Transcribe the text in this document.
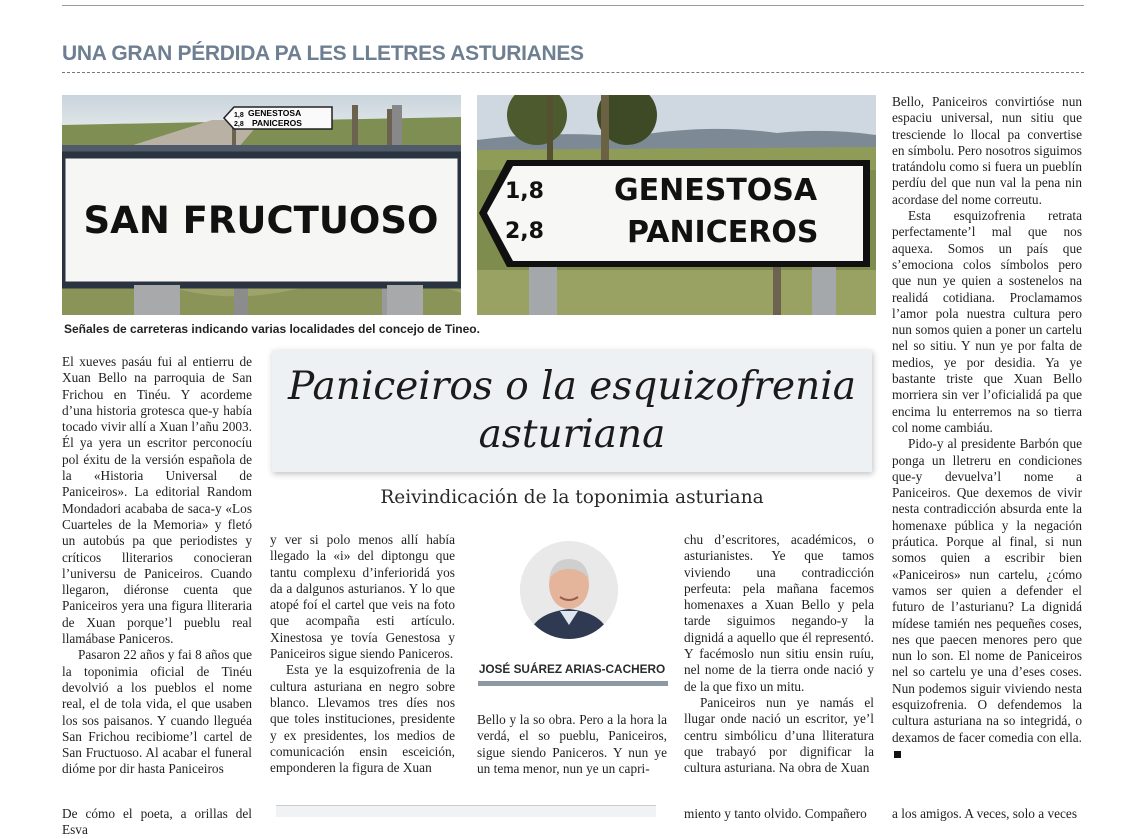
UNA GRAN PÉRDIDA PA LES LLETRES ASTURIANES
1,8
2,8
GENESTOSA
PANICEROS
SAN FRUCTUOSO
1,8
2,8
GENESTOSA
PANICEROS

Señales de carreteras indicando varias localidades del concejo de Tineo.

Paniceiros o la esquizofrenia
asturiana

Reivindicación de la toponimia asturiana

JOSÉ SUÁREZ ARIAS-CACHERO

El xueves pasáu fui al entierru de Xuan Bello na parroquia de San Frichou en Tinéu. Y acordeme d’una historia grotesca que-y había tocado vivir allí a Xuan l’añu 2003. Él ya yera un escritor perconocíu pol éxitu de la versión española de la «Historia Universal de Paniceiros». La editorial Random Mondadori acababa de saca-y «Los Cuarteles de la Memoria» y fletó un autobús pa que periodistes y críticos lliterarios conocieran l’universu de Paniceiros. Cuando llegaron, diéronse cuenta que Paniceiros yera una figura lliteraria de Xuan porque’l pueblu real llamábase Paniceros.

Pasaron 22 años y fai 8 años que la toponimia oficial de Tinéu devolvió a los pueblos el nome real, el de tola vida, el que usaben los sos paisanos. Y cuando lleguéa San Frichou recibiome’l cartel de San Fructuoso. Al acabar el funeral dióme por dir hasta Paniceiros

y ver si polo menos allí había llegado la «i» del diptongu que tantu complexu d’inferioridá yos da a dalgunos asturianos. Y lo que atopé foí el cartel que veis na foto que acompaña esti artículo. Xinestosa ye tovía Genestosa y Paniceiros sigue siendo Paniceros.

Esta ye la esquizofrenia de la cultura asturiana en negro sobre blanco. Llevamos tres díes nos que toles instituciones, presidente y ex presidentes, los medios de comunicación ensin esceición, emponderen la figura de Xuan

Bello y la so obra. Pero a la hora la verdá, el so pueblu, Paniceiros, sigue siendo Paniceros. Y nun ye un tema menor, nun ye un capri-

chu d’escritores, académicos, o asturianistes. Ye que tamos viviendo una contradicción perfeuta: pela mañana facemos homenaxes a Xuan Bello y pela tarde siguimos negando-y la dignidá a aquello que él representó. Y facémoslo nun sitiu ensin ruíu, nel nome de la tierra onde nació y de la que fixo un mitu.

Paniceiros nun ye namás el llugar onde nació un escritor, ye’l centru simbólicu d’una lliteratura que trabayó por dignificar la cultura asturiana. Na obra de Xuan

Bello, Paniceiros convirtióse nun espaciu universal, nun sitiu que tresciende lo llocal pa convertise en símbolu. Pero nosotros siguimos tratándolu como si fuera un pueblín perdíu del que nun val la pena nin acordase del nome correutu.

Esta esquizofrenia retrata perfectamente’l mal que nos aquexa. Somos un país que s’emociona colos símbolos pero que nun ye quien a sostenelos na realidá cotidiana. Proclamamos l’amor pola nuestra cultura pero nun somos quien a poner un cartelu nel so sitiu. Y nun ye por falta de medios, ye por desidia. Ya ye bastante triste que Xuan Bello morriera sin ver l’oficialidá pa que encima lu enterremos na so tierra col nome cambiáu.

Pido-y al presidente Barbón que ponga un lletreru en condiciones que-y devuelva’l nome a Paniceiros. Que dexemos de vivir nesta contradicción absurda ente la homenaxe pública y la negación práutica. Porque al final, si nun somos quien a escribir bien «Paniceiros» nun cartelu, ¿cómo vamos ser quien a defender el futuro de l’asturianu? La dignidá mídese tamién nes pequeñes coses, nes que paecen menores pero que nun lo son. El nome de Paniceiros nel so cartelu ye una d’eses coses. Nun podemos siguir viviendo nesta esquizofrenia. O defendemos la cultura asturiana na so integridá, o dexamos de facer comedia con ella.

De cómo el poeta, a orillas del Esva

miento y tanto olvido. Compañero	a los amigos. A veces, solo a veces
